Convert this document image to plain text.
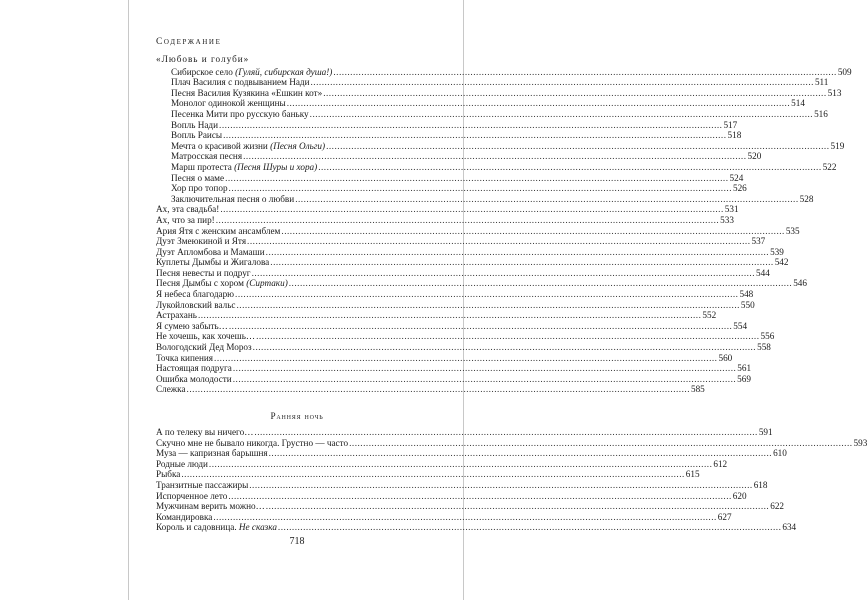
Содержание
«Любовь и голуби»
Сибирское село (Гуляй, сибирская душа!) .....	509
Плач Василия с подвыванием Нади .....	511
Песня Василия Кузякина «Ешкин кот» .....	513
Монолог одинокой женщины .....	514
Песенка Мити про русскую баньку .....	516
Вопль Нади .....	517
Вопль Раисы .....	518
Мечта о красивой жизни (Песня Ольги) .....	519
Матросская песня .....	520
Марш протеста (Песня Шуры и хора) .....	522
Песня о маме .....	524
Хор про топор .....	526
Заключительная песня о любви .....	528
Ах, эта свадьба! .....	531
Ах, что за пир! .....	533
Ария Ятя с женским ансамблем .....	535
Дуэт Змеюкиной и Ятя .....	537
Дуэт Апломбова и Мамаши .....	539
Куплеты Дымбы и Жигалова .....	542
Песня невесты и подруг .....	544
Песня Дымбы с хором (Сиртаки) .....	546
Я небеса благодарю .....	548
Лукойловский вальс .....	550
Астрахань .....	552
Я сумею забыть… .....	554
Не хочешь, как хочешь… .....	556
Вологодский Дед Мороз .....	558
Точка кипения .....	560
Настоящая подруга .....	561
Ошибка молодости .....	569
Слежка .....	585
Ранняя ночь
А по телеку вы ничего… .....	591
Скучно мне не бывало никогда. Грустно — часто .....	593
Муза — капризная барышня .....	610
Родные люди .....	612
Рыбка .....	615
Транзитные пассажиры .....	618
Испорченное лето .....	620
Мужчинам верить можно… .....	622
Командировка .....	627
Король и садовница. Не сказка .....	634
718
